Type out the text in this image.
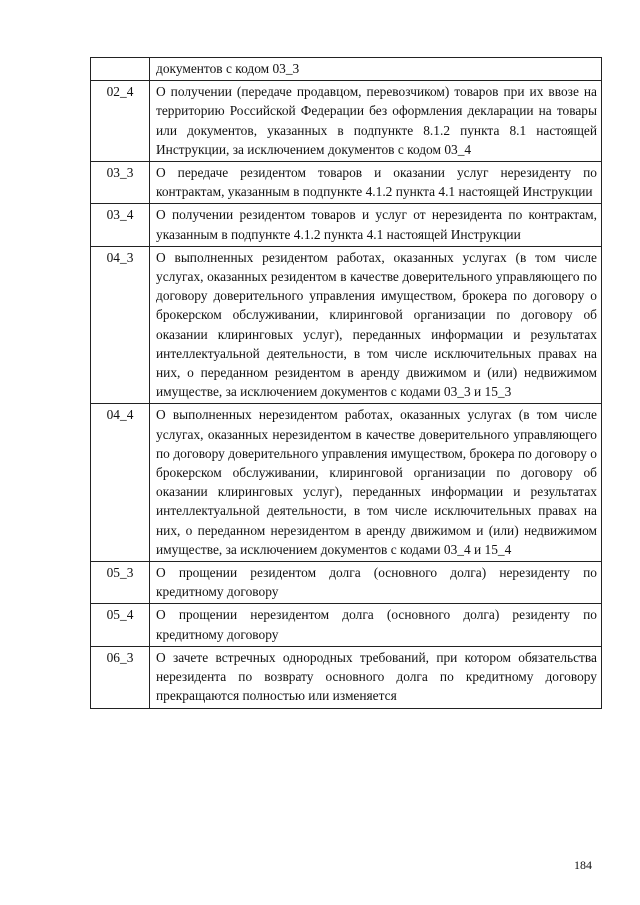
	документов с кодом 03_3

02_4	О получении (передаче продавцом, перевозчиком) товаров при их ввозе на территорию Российской Федерации без оформления декларации на товары или документов, указанных в подпункте 8.1.2 пункта 8.1 настоящей Инструкции, за исключением документов с кодом 03_4

03_3	О передаче резидентом товаров и оказании услуг нерезиденту по контрактам, указанным в подпункте 4.1.2 пункта 4.1 настоящей Инструкции

03_4	О получении резидентом товаров и услуг от нерезидента по контрактам, указанным в подпункте 4.1.2 пункта 4.1 настоящей Инструкции

04_3	О выполненных резидентом работах, оказанных услугах (в том числе услугах, оказанных резидентом в качестве доверительного управляющего по договору доверительного управления имуществом, брокера по договору о брокерском обслуживании, клиринговой организации по договору об оказании клиринговых услуг), переданных информации и результатах интеллектуальной деятельности, в том числе исключительных правах на них, о переданном резидентом в аренду движимом и (или) недвижимом имуществе, за исключением документов с кодами 03_3 и 15_3

04_4	О выполненных нерезидентом работах, оказанных услугах (в том числе услугах, оказанных нерезидентом в качестве доверительного управляющего по договору доверительного управления имуществом, брокера по договору о брокерском обслуживании, клиринговой организации по договору об оказании клиринговых услуг), переданных информации и результатах интеллектуальной деятельности, в том числе исключительных правах на них, о переданном нерезидентом в аренду движимом и (или) недвижимом имуществе, за исключением документов с кодами 03_4 и 15_4

05_3	О прощении резидентом долга (основного долга) нерезиденту по кредитному договору

05_4	О прощении нерезидентом долга (основного долга) резиденту по кредитному договору

06_3	О зачете встречных однородных требований, при котором обязательства нерезидента по возврату основного долга по кредитному договору прекращаются полностью или изменяется
184
